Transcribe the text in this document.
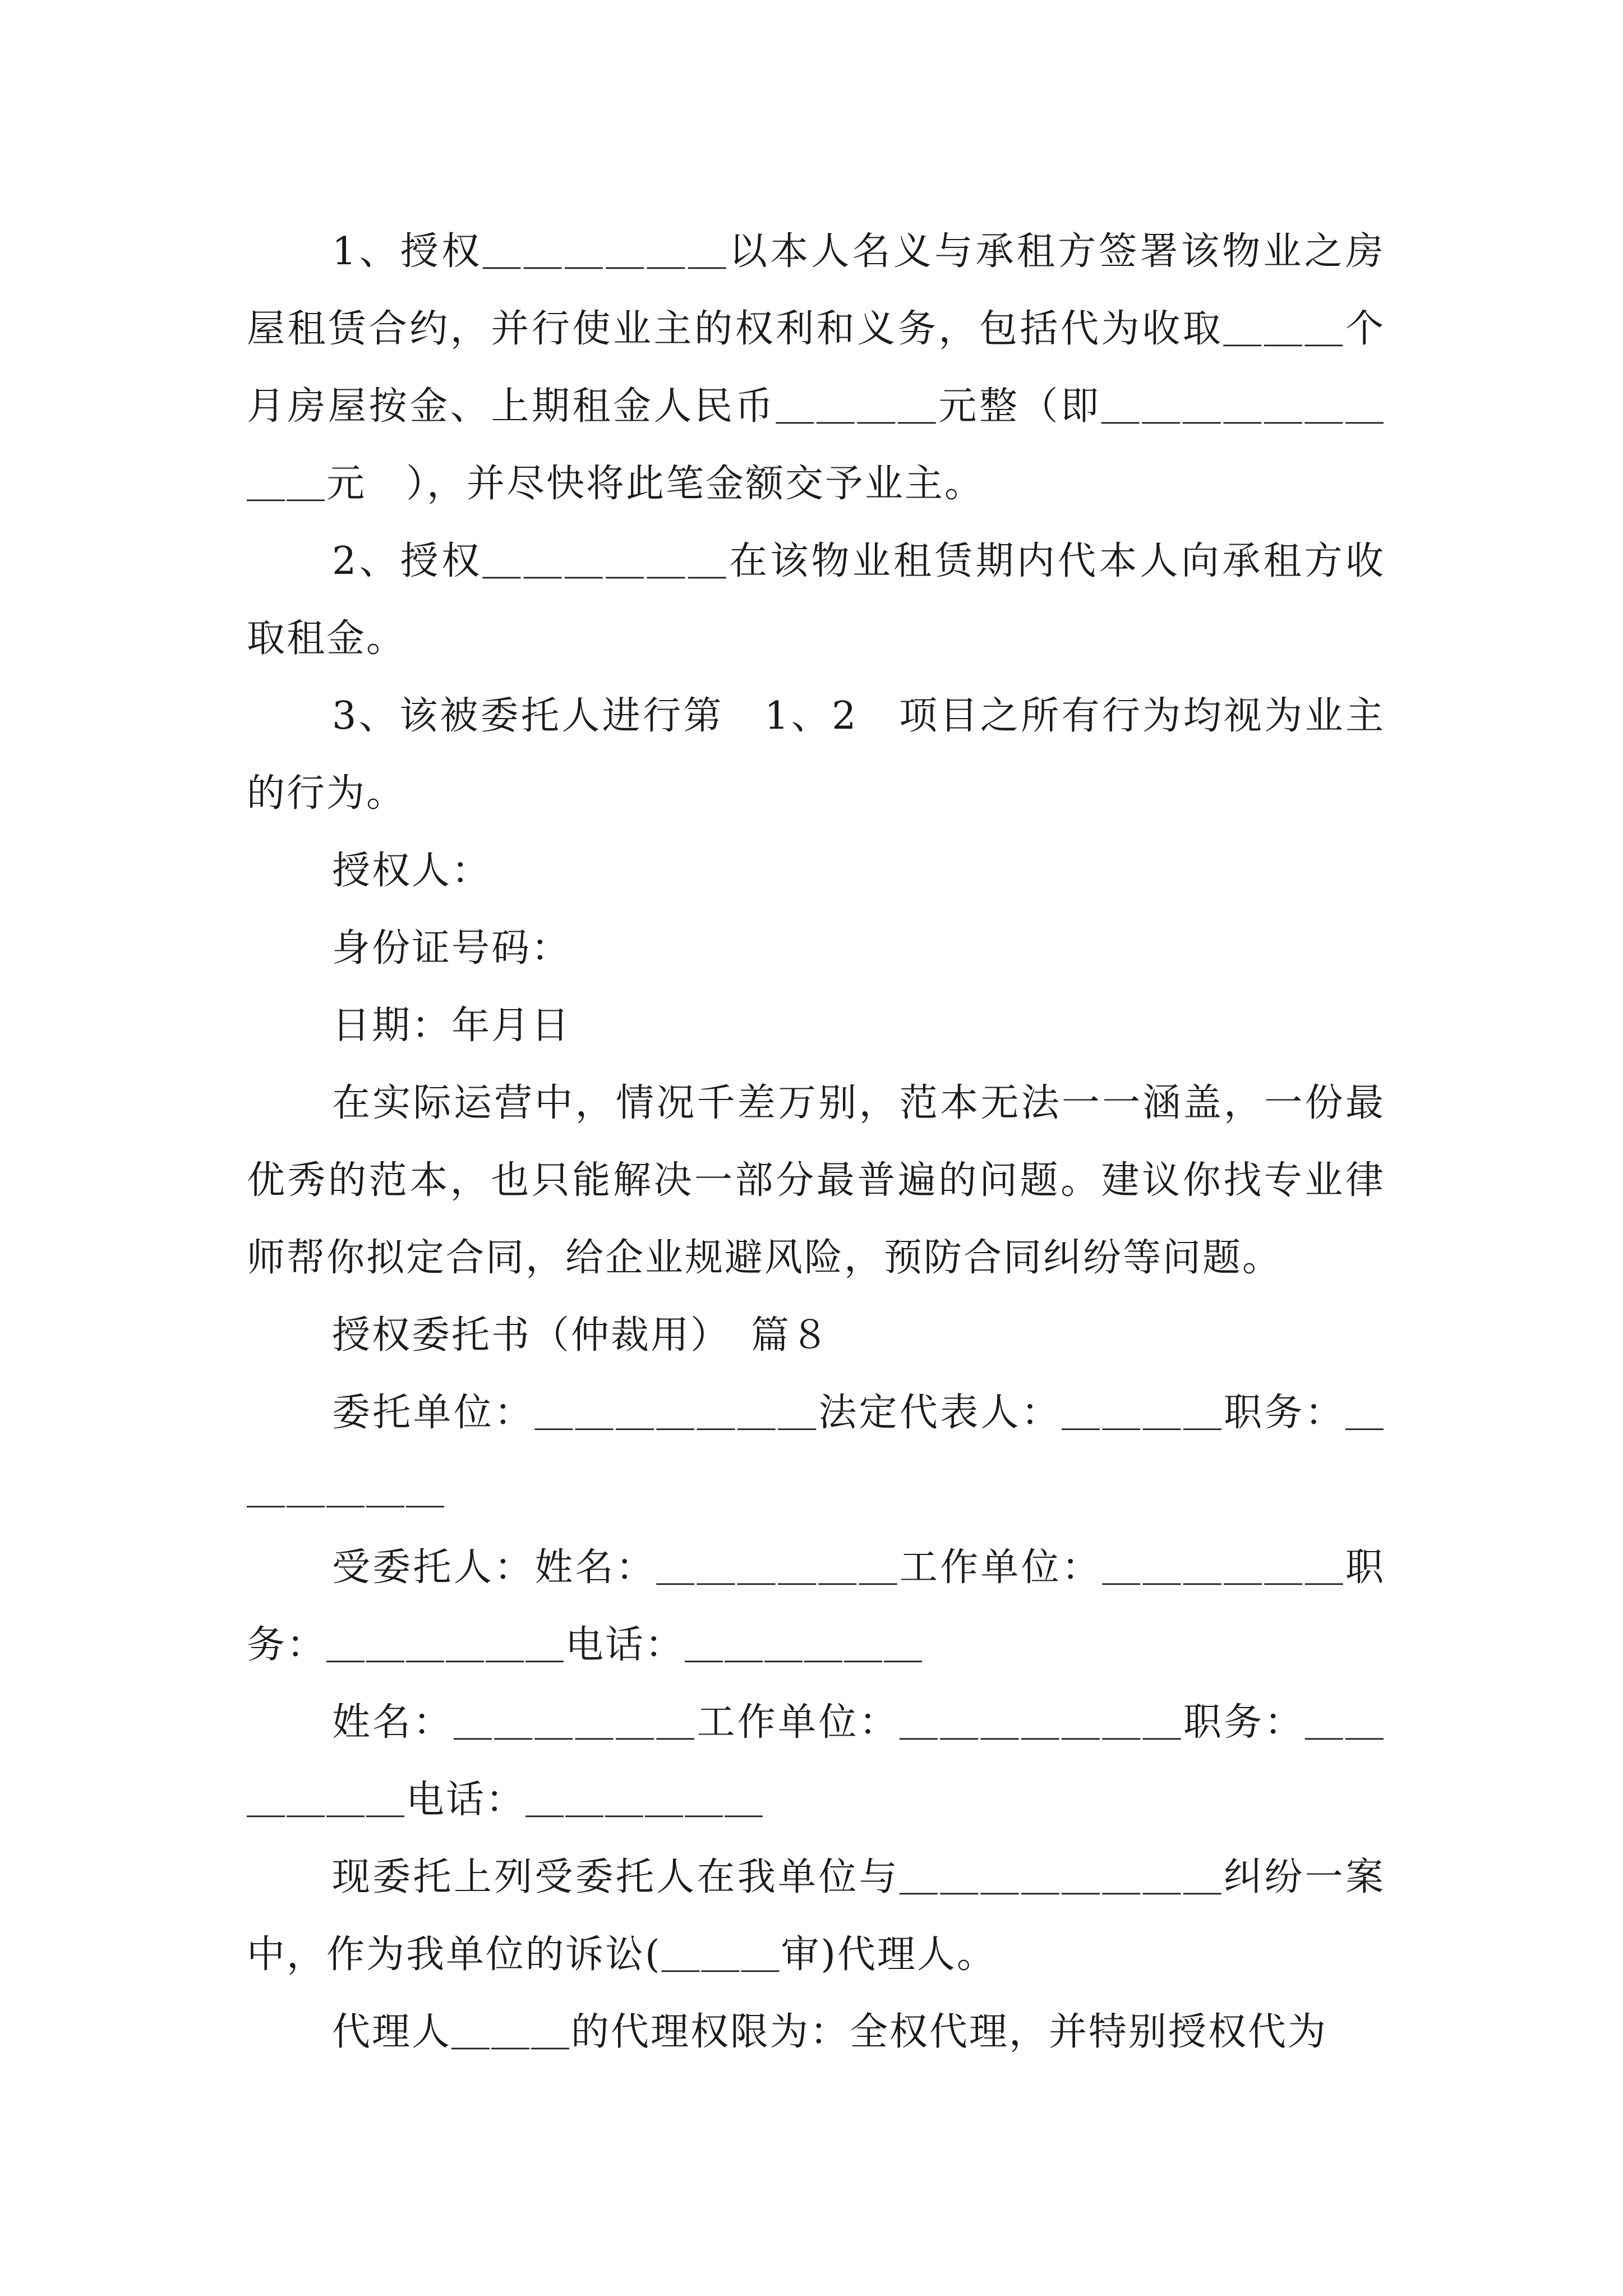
1、授权＿＿＿＿＿＿以本人名义与承租方签署该物业之房屋租赁合约，并行使业主的权利和义务，包括代为收取＿＿＿个月房屋按金、上期租金人民币＿＿＿＿元整（即＿＿＿＿＿＿＿＿＿元　），并尽快将此笔金额交予业主。

2、授权＿＿＿＿＿＿在该物业租赁期内代本人向承租方收取租金。

3、该被委托人进行第　1、2　项目之所有行为均视为业主的行为。

授权人：

身份证号码：

日期：年月日

在实际运营中，情况千差万别，范本无法一一涵盖，一份最优秀的范本，也只能解决一部分最普遍的问题。建议你找专业律师帮你拟定合同，给企业规避风险，预防合同纠纷等问题。

授权委托书（仲裁用）　篇８

委托单位：＿＿＿＿＿＿＿法定代表人：＿＿＿＿职务：＿＿＿＿＿＿

受委托人：姓名：＿＿＿＿＿＿工作单位：＿＿＿＿＿＿职务：＿＿＿＿＿＿电话：＿＿＿＿＿＿

姓名：＿＿＿＿＿＿工作单位：＿＿＿＿＿＿＿职务：＿＿＿＿＿＿电话：＿＿＿＿＿＿

现委托上列受委托人在我单位与＿＿＿＿＿＿＿＿纠纷一案中，作为我单位的诉讼(＿＿＿审)代理人。

代理人＿＿＿的代理权限为：全权代理，并特别授权代为
